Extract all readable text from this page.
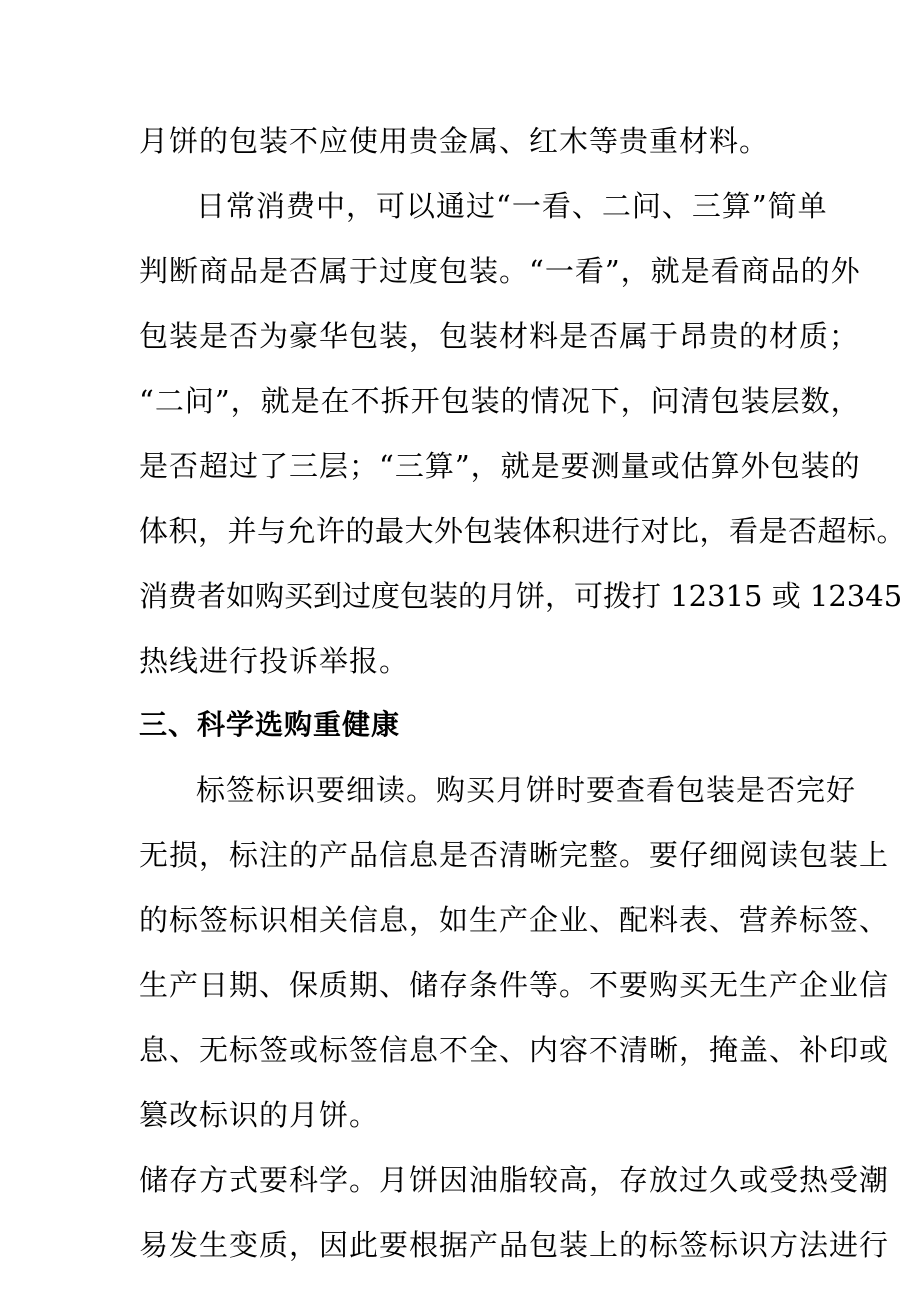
月饼的包装不应使用贵金属、红木等贵重材料。
日常消费中，可以通过“一看、二问、三算”简单
判断商品是否属于过度包装。“一看”，就是看商品的外
包装是否为豪华包装，包装材料是否属于昂贵的材质；
“二问”，就是在不拆开包装的情况下，问清包装层数，
是否超过了三层；“三算”，就是要测量或估算外包装的
体积，并与允许的最大外包装体积进行对比，看是否超标。
消费者如购买到过度包装的月饼，可拨打 12315 或 12345
热线进行投诉举报。
三、科学选购重健康
标签标识要细读。购买月饼时要查看包装是否完好
无损，标注的产品信息是否清晰完整。要仔细阅读包装上
的标签标识相关信息，如生产企业、配料表、营养标签、
生产日期、保质期、储存条件等。不要购买无生产企业信
息、无标签或标签信息不全、内容不清晰，掩盖、补印或
篡改标识的月饼。
储存方式要科学。月饼因油脂较高，存放过久或受热受潮
易发生变质，因此要根据产品包装上的标签标识方法进行
